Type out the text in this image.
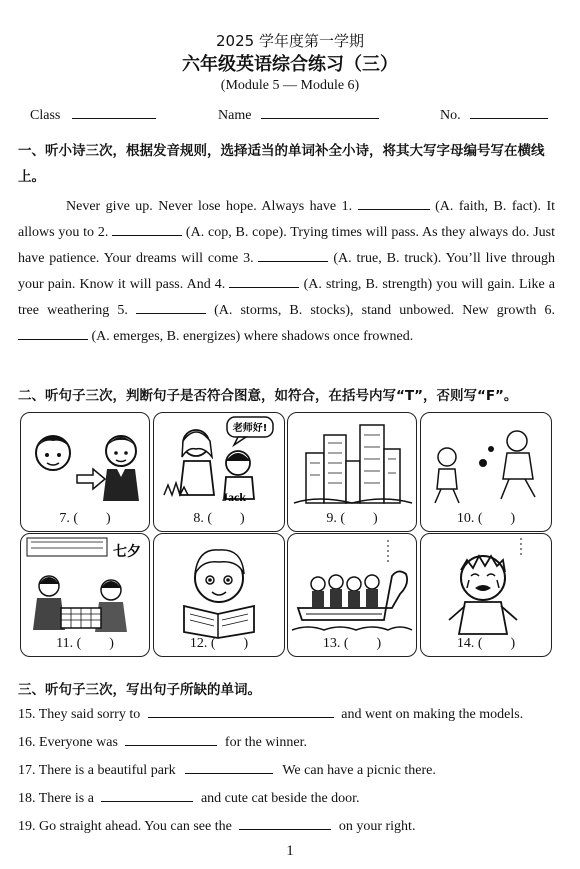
2025 学年度第一学期
六年级英语综合练习（三）
(Module 5 — Module 6)
Class	Name	No.
一、听小诗三次，根据发音规则，选择适当的单词补全小诗，将其大写字母编号写在横线上。
Never give up. Never lose hope. Always have 1.	(A. faith, B. fact). It allows you to 2.	(A. cop, B. cope). Trying times will pass. As they always do. Just have patience. Your dreams will come 3.	(A. true, B. truck). You’ll live through your pain. Know it will pass. And 4.	(A. string, B. strength) you will gain. Like a tree weathering 5.	(A. storms, B. stocks), stand unbowed. New growth 6.  (A. emerges, B. energizes) where shadows once frowned.
二、听句子三次，判断句子是否符合图意，如符合，在括号内写“T”，否则写“F”。
7. (　　)
老师好!
Jack
8. (　　)	9. (　　)	10. (　　)
七夕
11. (　　)	12. (　　)	13. (　　)	14. (　　)
三、听句子三次，写出句子所缺的单词。
15. They said sorry to	and went on making the models.
16. Everyone was	for the winner.
17. There is a beautiful park	We can have a picnic there.
18. There is a	and cute cat beside the door.
19. Go straight ahead. You can see the	on your right.
1
